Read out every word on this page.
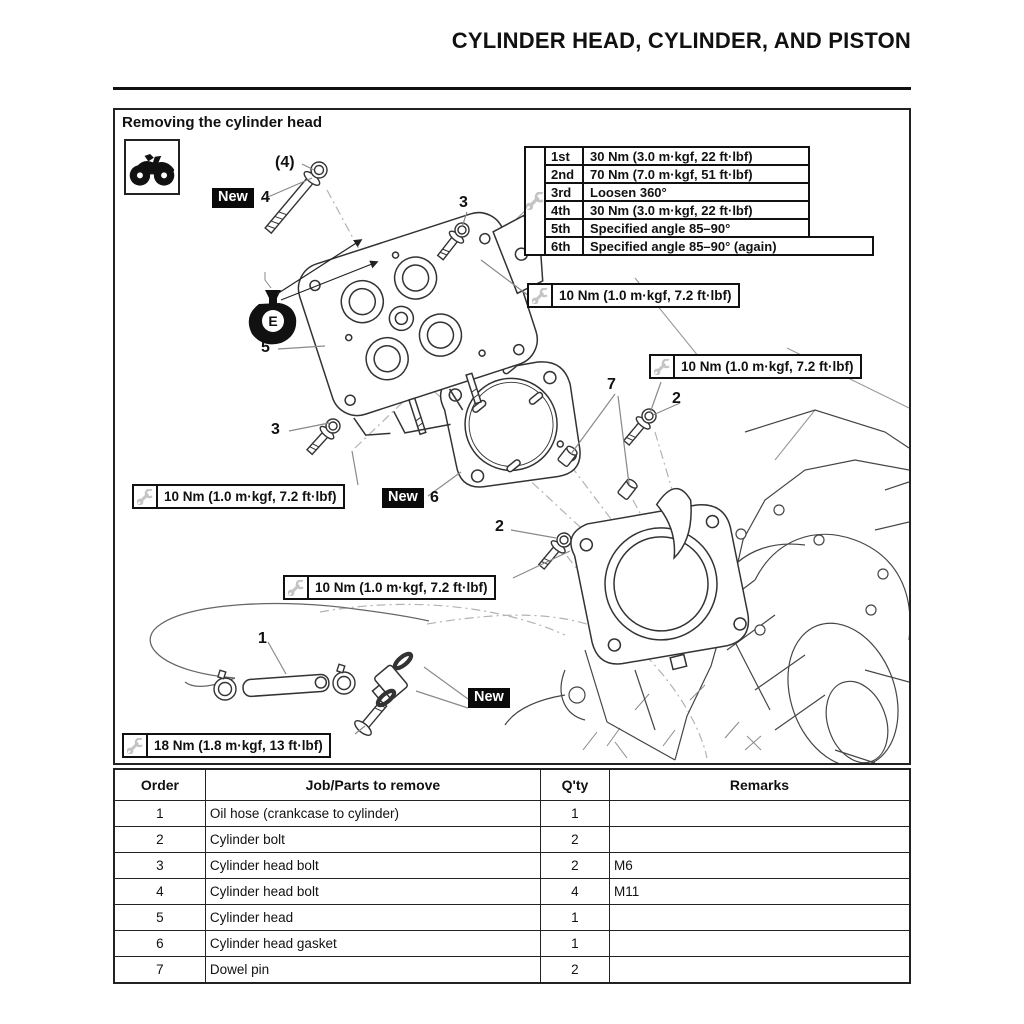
CYLINDER HEAD, CYLINDER, AND PISTON
Removing the cylinder head
1st	30 Nm (3.0 m·kgf, 22 ft·lbf)
2nd	70 Nm (7.0 m·kgf, 51 ft·lbf)
3rd	Loosen 360°
4th	30 Nm (3.0 m·kgf, 22 ft·lbf)
5th	Specified angle 85–90°
6th	Specified angle 85–90° (again)
10 Nm (1.0 m·kgf, 7.2 ft·lbf)
10 Nm (1.0 m·kgf, 7.2 ft·lbf)
10 Nm (1.0 m·kgf, 7.2 ft·lbf)
10 Nm (1.0 m·kgf, 7.2 ft·lbf)
18 Nm (1.8 m·kgf, 13 ft·lbf)
New
New
New
(4)
4	3
5
3
6
7
2
2
1
E
Order	Job/Parts to remove	Q'ty	Remarks
1	Oil hose (crankcase to cylinder)	1	
2	Cylinder bolt	2	
3	Cylinder head bolt	2	M6
4	Cylinder head bolt	4	M11
5	Cylinder head	1	
6	Cylinder head gasket	1	
7	Dowel pin	2	
